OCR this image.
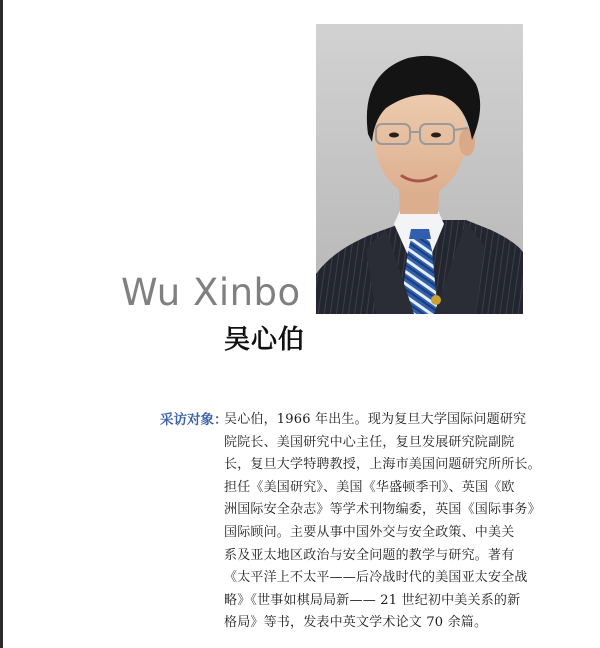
Wu Xinbo
吴心伯
采访对象：
吴心伯，1966 年出生。现为复旦大学国际问题研究
院院长、美国研究中心主任，复旦发展研究院副院
长，复旦大学特聘教授，上海市美国问题研究所所长。
担任《美国研究》、美国《华盛顿季刊》、英国《欧
洲国际安全杂志》等学术刊物编委，英国《国际事务》
国际顾问。主要从事中国外交与安全政策、中美关
系及亚太地区政治与安全问题的教学与研究。著有
《太平洋上不太平——后冷战时代的美国亚太安全战
略》《世事如棋局局新—— 21 世纪初中美关系的新
格局》等书，发表中英文学术论文 70 余篇。
